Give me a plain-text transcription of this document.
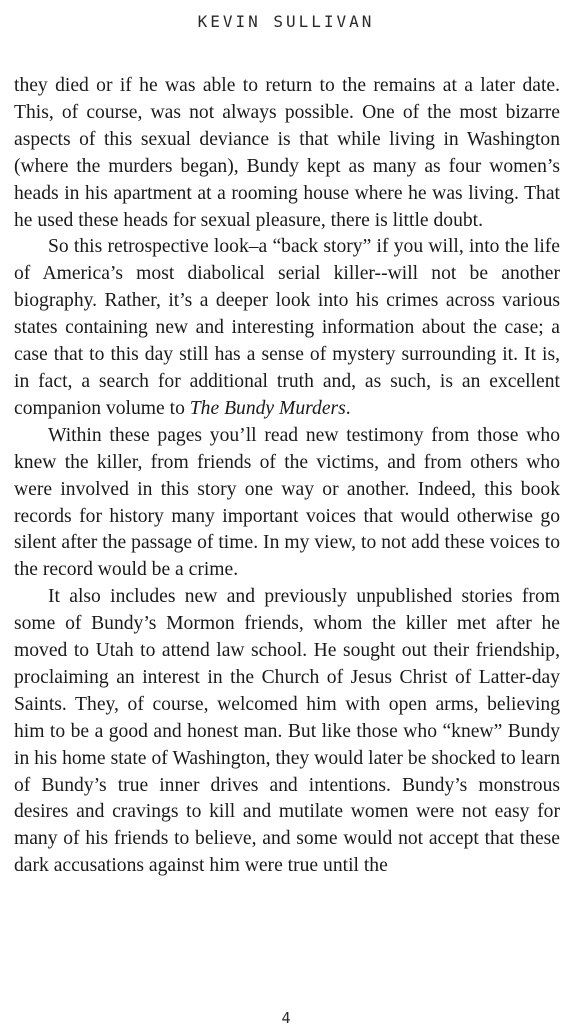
KEVIN SULLIVAN

they died or if he was able to return to the remains at a later date. This, of course, was not always possible. One of the most bizarre aspects of this sexual deviance is that while living in Washington (where the murders began), Bundy kept as many as four women’s heads in his apartment at a rooming house where he was living. That he used these heads for sexual pleasure, there is little doubt.

So this retrospective look–a “back story” if you will, into the life of America’s most diabolical serial killer--will not be another biography. Rather, it’s a deeper look into his crimes across various states containing new and interesting information about the case; a case that to this day still has a sense of mystery surrounding it. It is, in fact, a search for additional truth and, as such, is an excellent companion volume to The Bundy Murders.

Within these pages you’ll read new testimony from those who knew the killer, from friends of the victims, and from others who were involved in this story one way or another. Indeed, this book records for history many important voices that would otherwise go silent after the passage of time. In my view, to not add these voices to the record would be a crime.

It also includes new and previously unpublished stories from some of Bundy’s Mormon friends, whom the killer met after he moved to Utah to attend law school. He sought out their friendship, proclaiming an interest in the Church of Jesus Christ of Latter-day Saints. They, of course, welcomed him with open arms, believing him to be a good and honest man. But like those who “knew” Bundy in his home state of Washington, they would later be shocked to learn of Bundy’s true inner drives and intentions. Bundy’s monstrous desires and cravings to kill and mutilate women were not easy for many of his friends to believe, and some would not accept that these dark accusations against him were true until the

4
